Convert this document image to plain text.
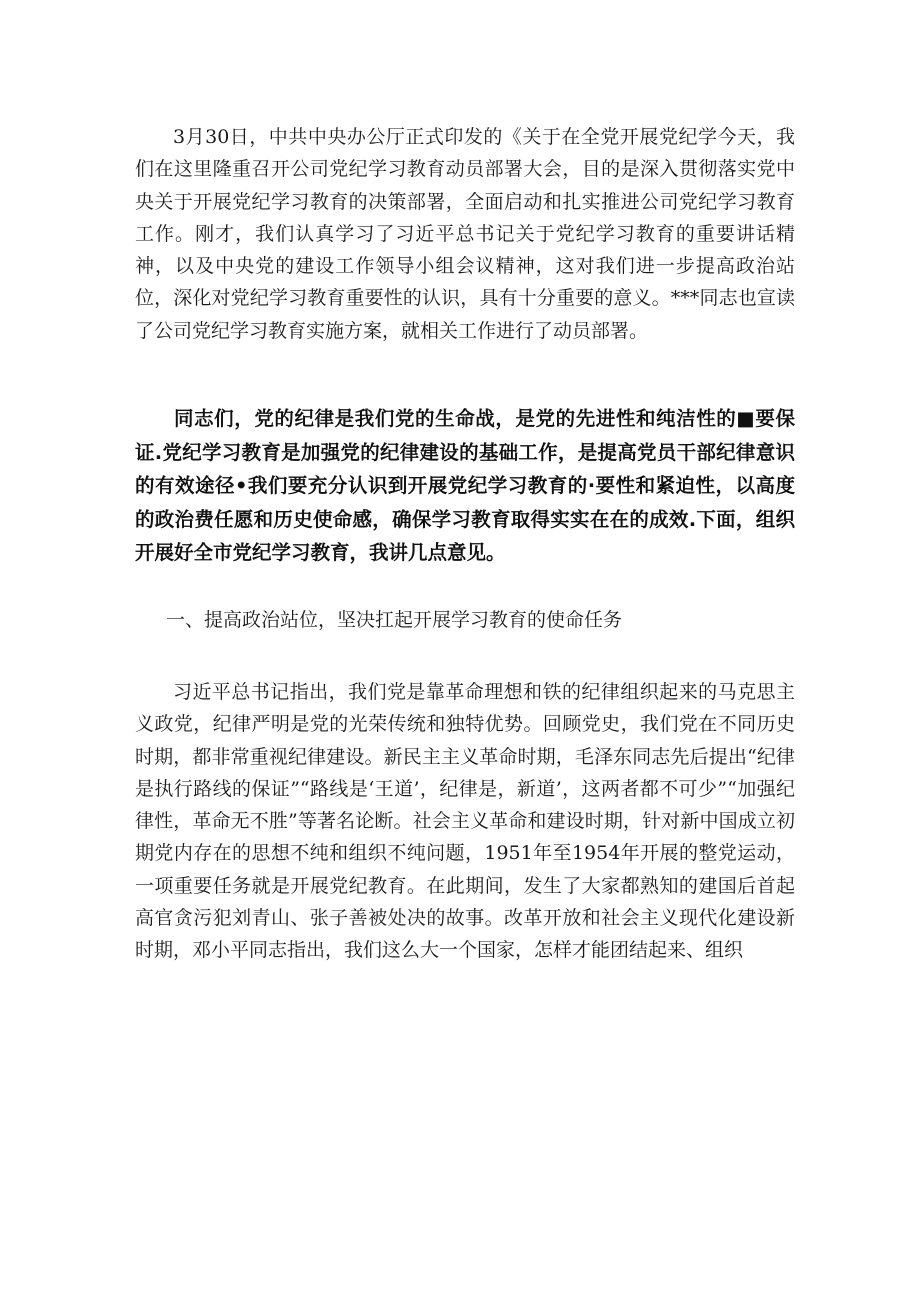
3月30日，中共中央办公厅正式印发的《关于在全党开展党纪学今天，我们在这里隆重召开公司党纪学习教育动员部署大会，目的是深入贯彻落实党中央关于开展党纪学习教育的决策部署，全面启动和扎实推进公司党纪学习教育工作。刚才，我们认真学习了习近平总书记关于党纪学习教育的重要讲话精神，以及中央党的建设工作领导小组会议精神，这对我们进一步提高政治站位，深化对党纪学习教育重要性的认识，具有十分重要的意义。***同志也宣读了公司党纪学习教育实施方案，就相关工作进行了动员部署。

同志们，党的纪律是我们党的生命战，是党的先进性和纯洁性的■要保证.党纪学习教育是加强党的纪律建设的基础工作，是提高党员干部纪律意识的有效途径•我们要充分认识到开展党纪学习教育的·要性和紧迫性，以高度的政治费任愿和历史使命感，确保学习教育取得实实在在的成效.下面，组织开展好全市党纪学习教育，我讲几点意见。

一、提高政治站位，坚决扛起开展学习教育的使命任务

习近平总书记指出，我们党是靠革命理想和铁的纪律组织起来的马克思主义政党，纪律严明是党的光荣传统和独特优势。回顾党史，我们党在不同历史时期，都非常重视纪律建设。新民主主义革命时期，毛泽东同志先后提出“纪律是执行路线的保证”“路线是‘王道’，纪律是，新道’，这两者都不可少”“加强纪律性，革命无不胜”等著名论断。社会主义革命和建设时期，针对新中国成立初期党内存在的思想不纯和组织不纯问题，1951年至1954年开展的整党运动，一项重要任务就是开展党纪教育。在此期间，发生了大家都熟知的建国后首起高官贪污犯刘青山、张子善被处决的故事。改革开放和社会主义现代化建设新时期，邓小平同志指出，我们这么大一个国家，怎样才能团结起来、组织
